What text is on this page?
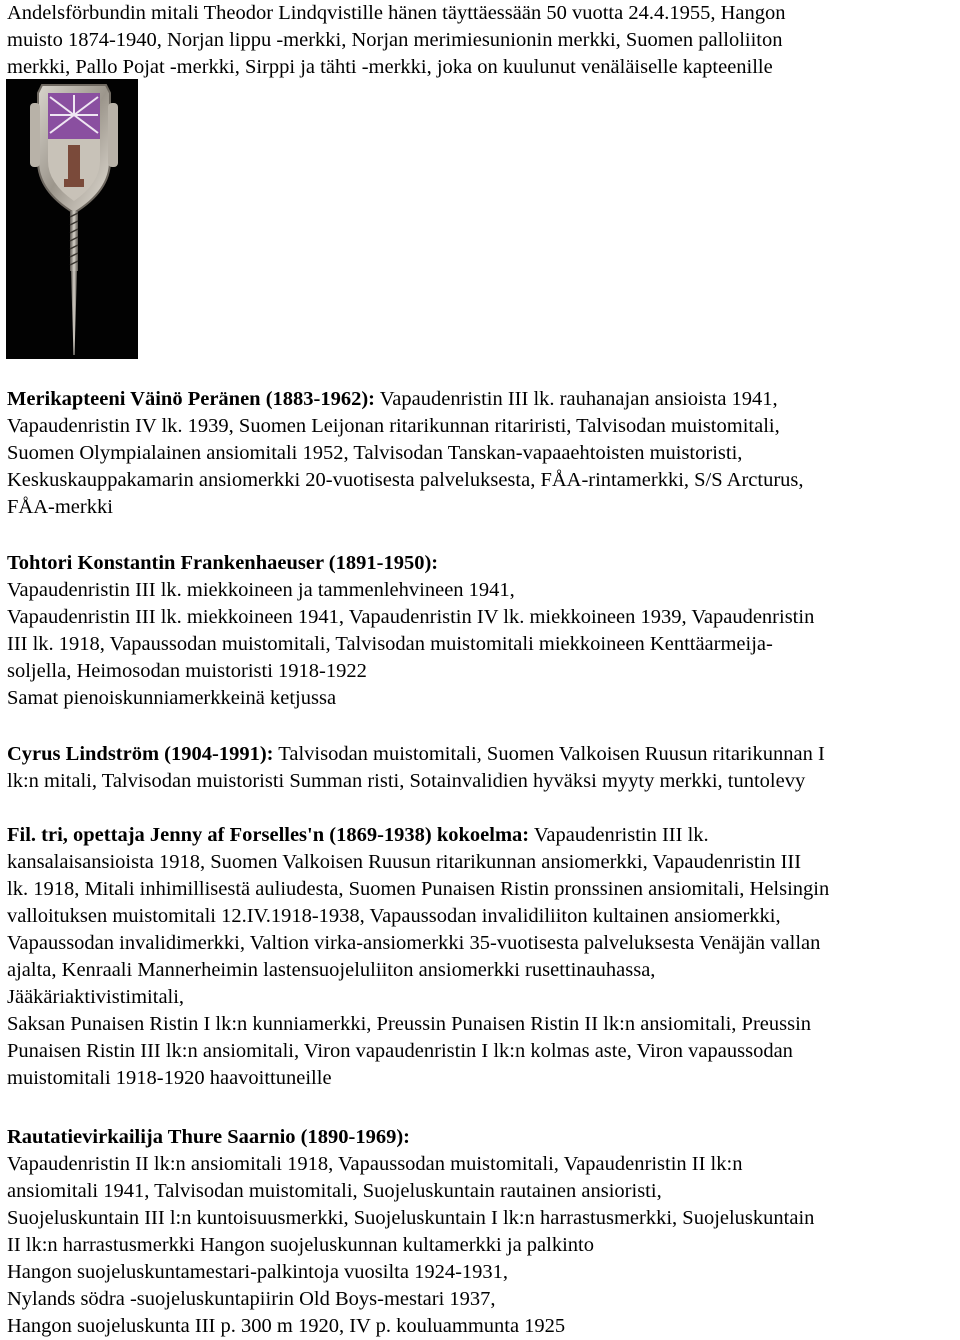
Andelsförbundin mitali Theodor Lindqvistille hänen täyttäessään 50 vuotta 24.4.1955, Hangon
muisto 1874-1940, Norjan lippu -merkki, Norjan merimiesunionin merkki, Suomen palloliiton
merkki, Pallo Pojat -merkki, Sirppi ja tähti -merkki, joka on kuulunut venäläiselle kapteenille
Merikapteeni Väinö Peränen (1883-1962): Vapaudenristin III lk. rauhanajan ansioista 1941,
Vapaudenristin IV lk. 1939, Suomen Leijonan ritarikunnan ritariristi, Talvisodan muistomitali,
Suomen Olympialainen ansiomitali 1952, Talvisodan Tanskan-vapaaehtoisten muistoristi,
Keskuskauppakamarin ansiomerkki 20-vuotisesta palveluksesta, FÅA-rintamerkki, S/S Arcturus,
FÅA-merkki
Tohtori Konstantin Frankenhaeuser (1891-1950):
Vapaudenristin III lk. miekkoineen ja tammenlehvineen 1941,
Vapaudenristin III lk. miekkoineen 1941, Vapaudenristin IV lk. miekkoineen 1939, Vapaudenristin
III lk. 1918, Vapaussodan muistomitali, Talvisodan muistomitali miekkoineen Kenttäarmeija-
soljella, Heimosodan muistoristi 1918-1922
Samat pienoiskunniamerkkeinä ketjussa
Cyrus Lindström (1904-1991): Talvisodan muistomitali, Suomen Valkoisen Ruusun ritarikunnan I
lk:n mitali, Talvisodan muistoristi Summan risti, Sotainvalidien hyväksi myyty merkki, tuntolevy
Fil. tri, opettaja Jenny af Forselles'n (1869-1938) kokoelma: Vapaudenristin III lk.
kansalaisansioista 1918, Suomen Valkoisen Ruusun ritarikunnan ansiomerkki, Vapaudenristin III
lk. 1918, Mitali inhimillisestä auliudesta, Suomen Punaisen Ristin pronssinen ansiomitali, Helsingin
valloituksen muistomitali 12.IV.1918-1938, Vapaussodan invalidiliiton kultainen ansiomerkki,
Vapaussodan invalidimerkki, Valtion virka-ansiomerkki 35-vuotisesta palveluksesta Venäjän vallan
ajalta, Kenraali Mannerheimin lastensuojeluliiton ansiomerkki rusettinauhassa,
Jääkäriaktivistimitali,
Saksan Punaisen Ristin I lk:n kunniamerkki, Preussin Punaisen Ristin II lk:n ansiomitali, Preussin
Punaisen Ristin III lk:n ansiomitali, Viron vapaudenristin I lk:n kolmas aste, Viron vapaussodan
muistomitali 1918-1920 haavoittuneille
Rautatievirkailija Thure Saarnio (1890-1969):
Vapaudenristin II lk:n ansiomitali 1918, Vapaussodan muistomitali, Vapaudenristin II lk:n
ansiomitali 1941, Talvisodan muistomitali, Suojeluskuntain rautainen ansioristi,
Suojeluskuntain III l:n kuntoisuusmerkki, Suojeluskuntain I lk:n harrastusmerkki, Suojeluskuntain
II lk:n harrastusmerkki Hangon suojeluskunnan kultamerkki ja palkinto
Hangon suojeluskuntamestari-palkintoja vuosilta 1924-1931,
Nylands södra -suojeluskuntapiirin Old Boys-mestari 1937,
Hangon suojeluskunta III p. 300 m 1920, IV p. kouluammunta 1925
